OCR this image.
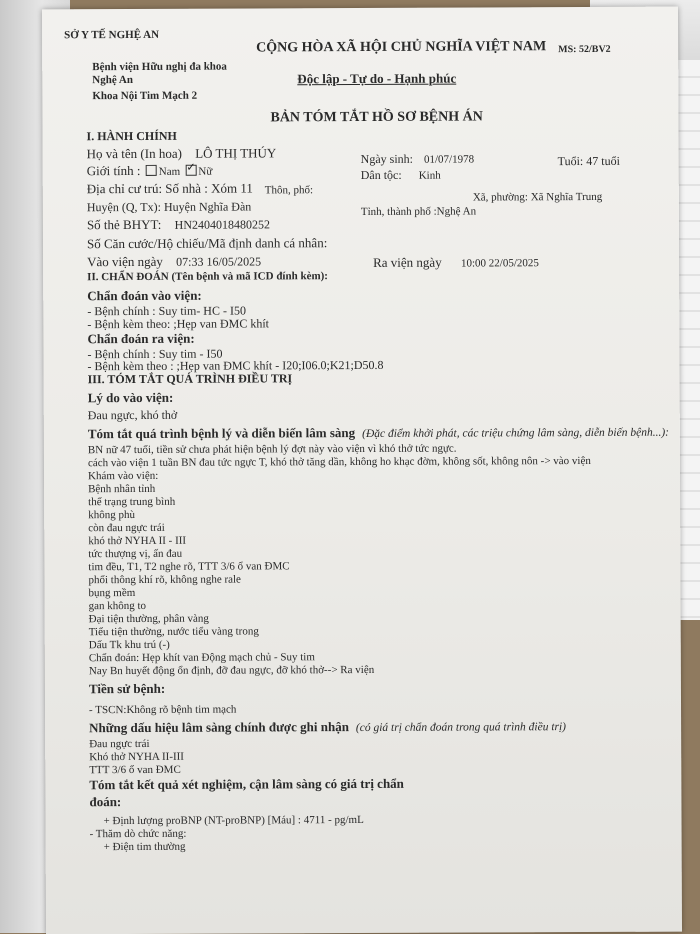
SỞ Y TẾ NGHỆ AN
Bệnh viện Hữu nghị đa khoa
Nghệ An
Khoa Nội Tim Mạch 2
CỘNG HÒA XÃ HỘI CHỦ NGHĨA VIỆT NAM
Độc lập - Tự do - Hạnh phúc
MS: 52/BV2
BẢN TÓM TẮT HỒ SƠ BỆNH ÁN
I. HÀNH CHÍNH
Họ và tên (In hoa) LÔ THỊ THÚY	Ngày sinh: 01/07/1978	Tuổi: 47 tuổi
Giới tính : Nam ✓ Nữ	Dân tộc: Kinh
Địa chỉ cư trú: Số nhà : Xóm 11 Thôn, phố:
Xã, phường: Xã Nghĩa Trung
Huyện (Q, Tx): Huyện Nghĩa Đàn	Tỉnh, thành phố :Nghệ An
Số thẻ BHYT: HN2404018480252
Số Căn cước/Hộ chiếu/Mã định danh cá nhân:
Vào viện ngày 07:33 16/05/2025	Ra viện ngày 10:00 22/05/2025
II. CHẨN ĐOÁN (Tên bệnh và mã ICD đính kèm):
Chẩn đoán vào viện:
- Bệnh chính : Suy tim- HC - I50
- Bệnh kèm theo: ;Hẹp van ĐMC khít
Chẩn đoán ra viện:
- Bệnh chính : Suy tim - I50
- Bệnh kèm theo : ;Hẹp van ĐMC khít - I20;I06.0;K21;D50.8
III. TÓM TẮT QUÁ TRÌNH ĐIỀU TRỊ
Lý do vào viện:
Đau ngực, khó thở
Tóm tắt quá trình bệnh lý và diễn biến lâm sàng (Đặc điểm khởi phát, các triệu chứng lâm sàng, diễn biến bệnh...):
BN nữ 47 tuổi, tiền sử chưa phát hiện bệnh lý đợt này vào viện vì khó thở tức ngực.
cách vào viện 1 tuần BN đau tức ngực T, khó thở tăng dần, không ho khạc đờm, không sốt, không nôn -> vào viện
Khám vào viện:
Bệnh nhân tỉnh
thể trạng trung bình
không phù
còn đau ngực trái
khó thở NYHA II - III
tức thượng vị, ấn đau
tim đều, T1, T2 nghe rõ, TTT 3/6 ổ van ĐMC
phổi thông khí rõ, không nghe rale
bụng mềm
gan không to
Đại tiện thường, phân vàng
Tiểu tiện thường, nước tiểu vàng trong
Dấu Tk khu trú (-)
Chẩn đoán: Hẹp khít van Động mạch chủ - Suy tim
Nay Bn huyết động ổn định, đỡ đau ngực, đỡ khó thở--> Ra viện
Tiền sử bệnh:
- TSCN:Không rõ bệnh tim mạch
Những dấu hiệu lâm sàng chính được ghi nhận (có giá trị chẩn đoán trong quá trình điều trị)
Đau ngực trái
Khó thở NYHA II-III
TTT 3/6 ổ van ĐMC
Tóm tắt kết quả xét nghiệm, cận lâm sàng có giá trị chẩn
đoán:
+ Định lượng proBNP (NT-proBNP) [Máu] : 4711 - pg/mL
- Thăm dò chức năng:
+ Điện tim thường
